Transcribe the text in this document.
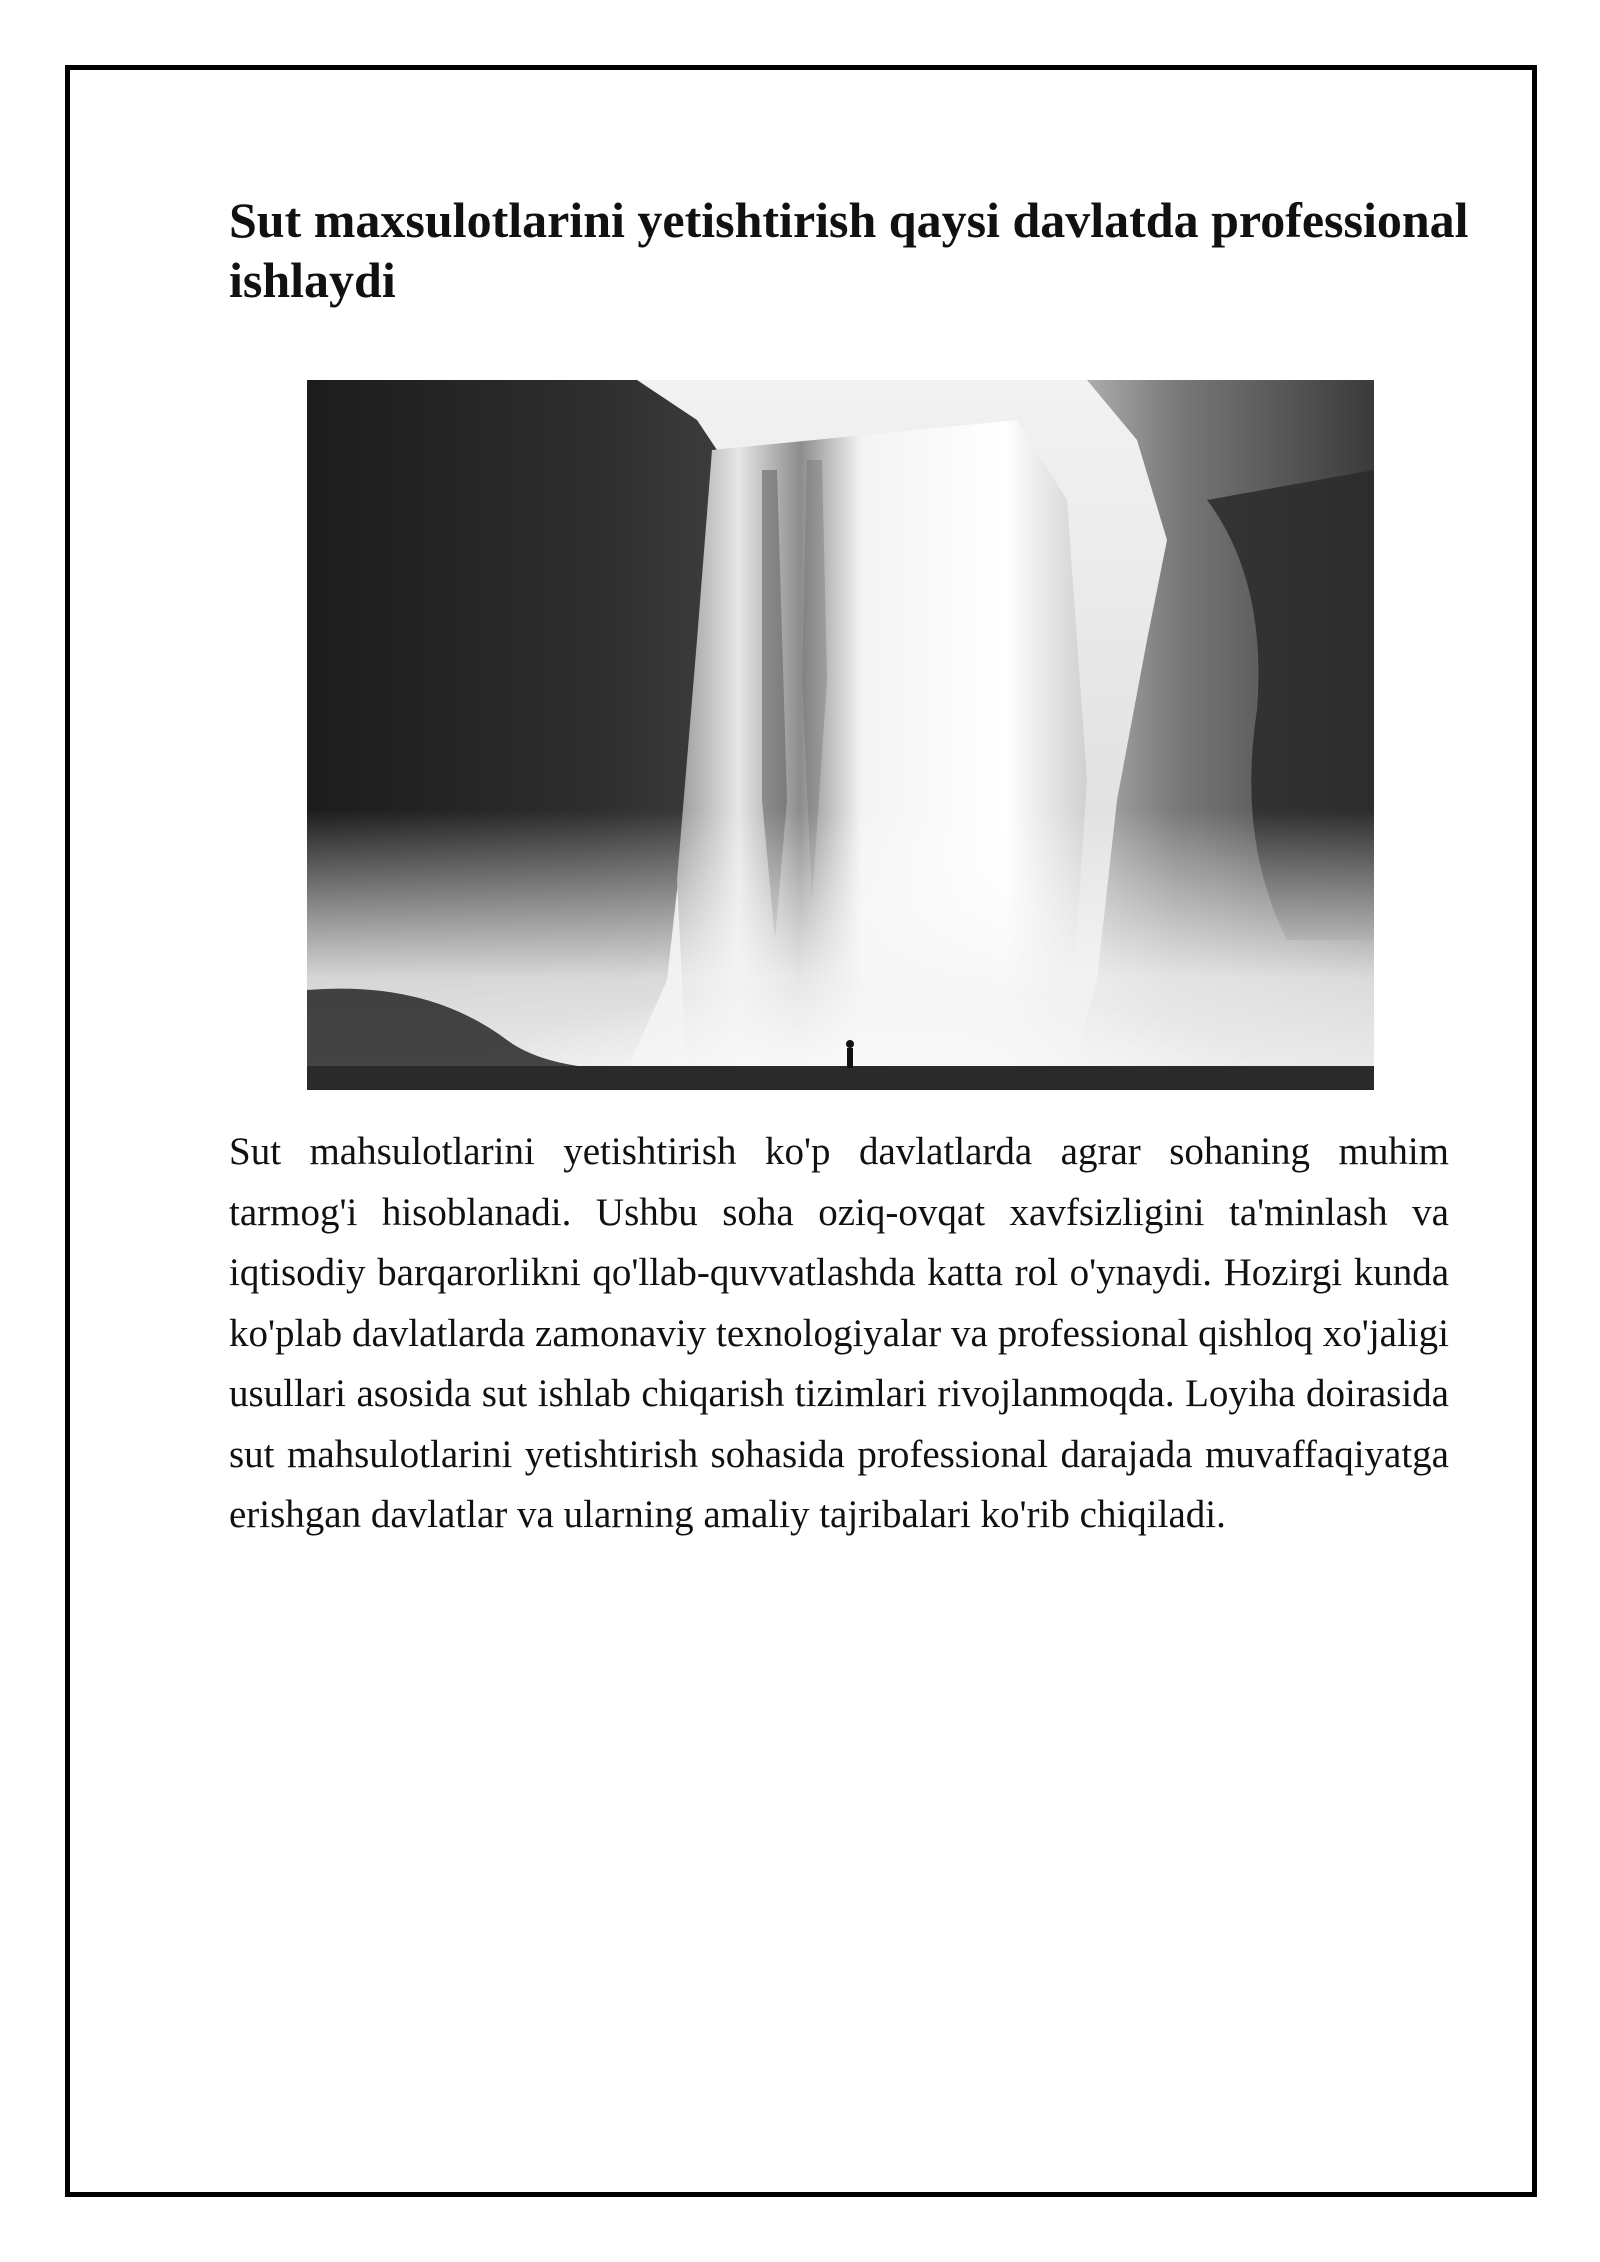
Sut maxsulotlarini yetishtirish qaysi davlatda professional ishlaydi

Sut mahsulotlarini yetishtirish ko'p davlatlarda agrar sohaning muhim tarmog'i hisoblanadi. Ushbu soha oziq-ovqat xavfsizligini ta'minlash va iqtisodiy barqarorlikni qo'llab-quvvatlashda katta rol o'ynaydi. Hozirgi kunda ko'plab davlatlarda zamonaviy texnologiyalar va professional qishloq xo'jaligi usullari asosida sut ishlab chiqarish tizimlari rivojlanmoqda. Loyiha doirasida sut mahsulotlarini yetishtirish sohasida professional darajada muvaffaqiyatga erishgan davlatlar va ularning amaliy tajribalari ko'rib chiqiladi.
